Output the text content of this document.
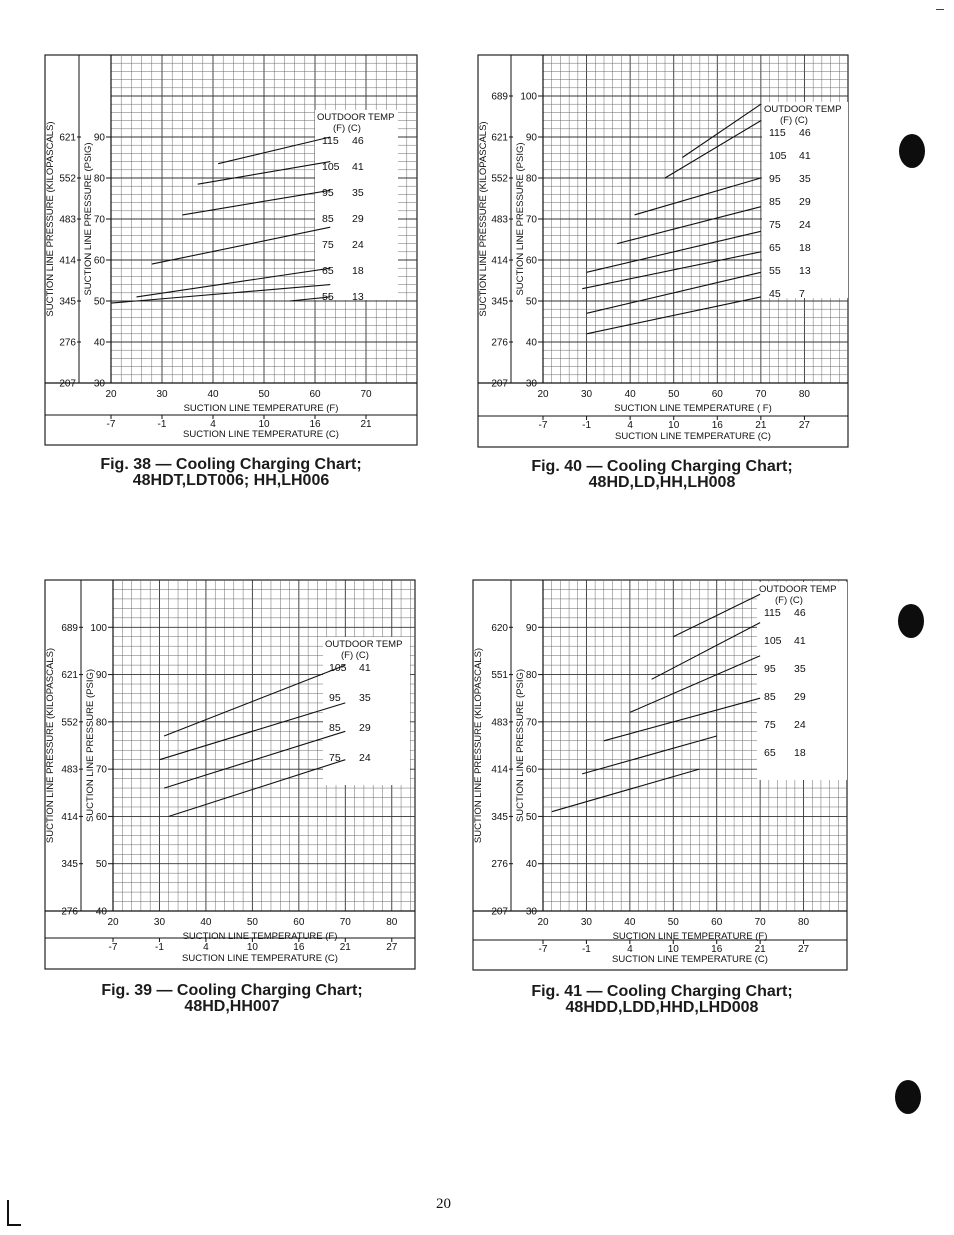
30
40
50
60
70
80
90
207
276
345
414
483
552
621
SUCTION LINE PRESSURE (PSIG)
SUCTION LINE PRESSURE (KILOPASCALS)
20	30	40	50	60	70
SUCTION LINE TEMPERATURE (F)
-7	-1	4	10	16	21
SUCTION LINE TEMPERATURE (C)
OUTDOOR TEMP
(F) (C)
115 46
105 41
95 35
85 29
75 24
65 18
55 13
30
40
50
60
70
80
90
100
207
276
345
414
483
552
621
689
SUCTION LINE PRESSURE (PSIG)
SUCTION LINE PRESSURE (KILOPASCALS)
20	30	40	50	60	70	80
SUCTION LINE TEMPERATURE ( F)
-7	-1	4	10	16	21	27
SUCTION LINE TEMPERATURE (C)
OUTDOOR TEMP
(F) (C)
115 46
105 41
95 35
85 29
75 24
65 18
55 13
45 7
40
50
60
70
80
90
100
276
345
414
483
552
621
689
SUCTION LINE PRESSURE (PSIG)
SUCTION LINE PRESSURE (KILOPASCALS)
20	30	40	50	60	70	80
SUCTION LINE TEMPERATURE (F)
-7	-1	4	10	16	21	27
SUCTION LINE TEMPERATURE (C)
OUTDOOR TEMP
(F) (C)
105 41
95 35
85 29
75 24
30
40
50
60
70
80
90
207
276
345
414
483
551
620
SUCTION LINE PRESSURE (PSIG)
SUCTION LINE PRESSURE (KILOPASCALS)
20	30	40	50	60	70	80
SUCTION LINE TEMPERATURE (F)
-7	-1	4	10	16	21	27
SUCTION LINE TEMPERATURE (C)
OUTDOOR TEMP
(F) (C)
115 46
105 41
95 35
85 29
75 24
65 18
Fig. 38 — Cooling Charging Chart;
48HDT,LDT006; HH,LH006
Fig. 40 — Cooling Charging Chart;
48HD,LD,HH,LH008
Fig. 39 — Cooling Charging Chart;
48HD,HH007
Fig. 41 — Cooling Charging Chart;
48HDD,LDD,HHD,LHD008
20
